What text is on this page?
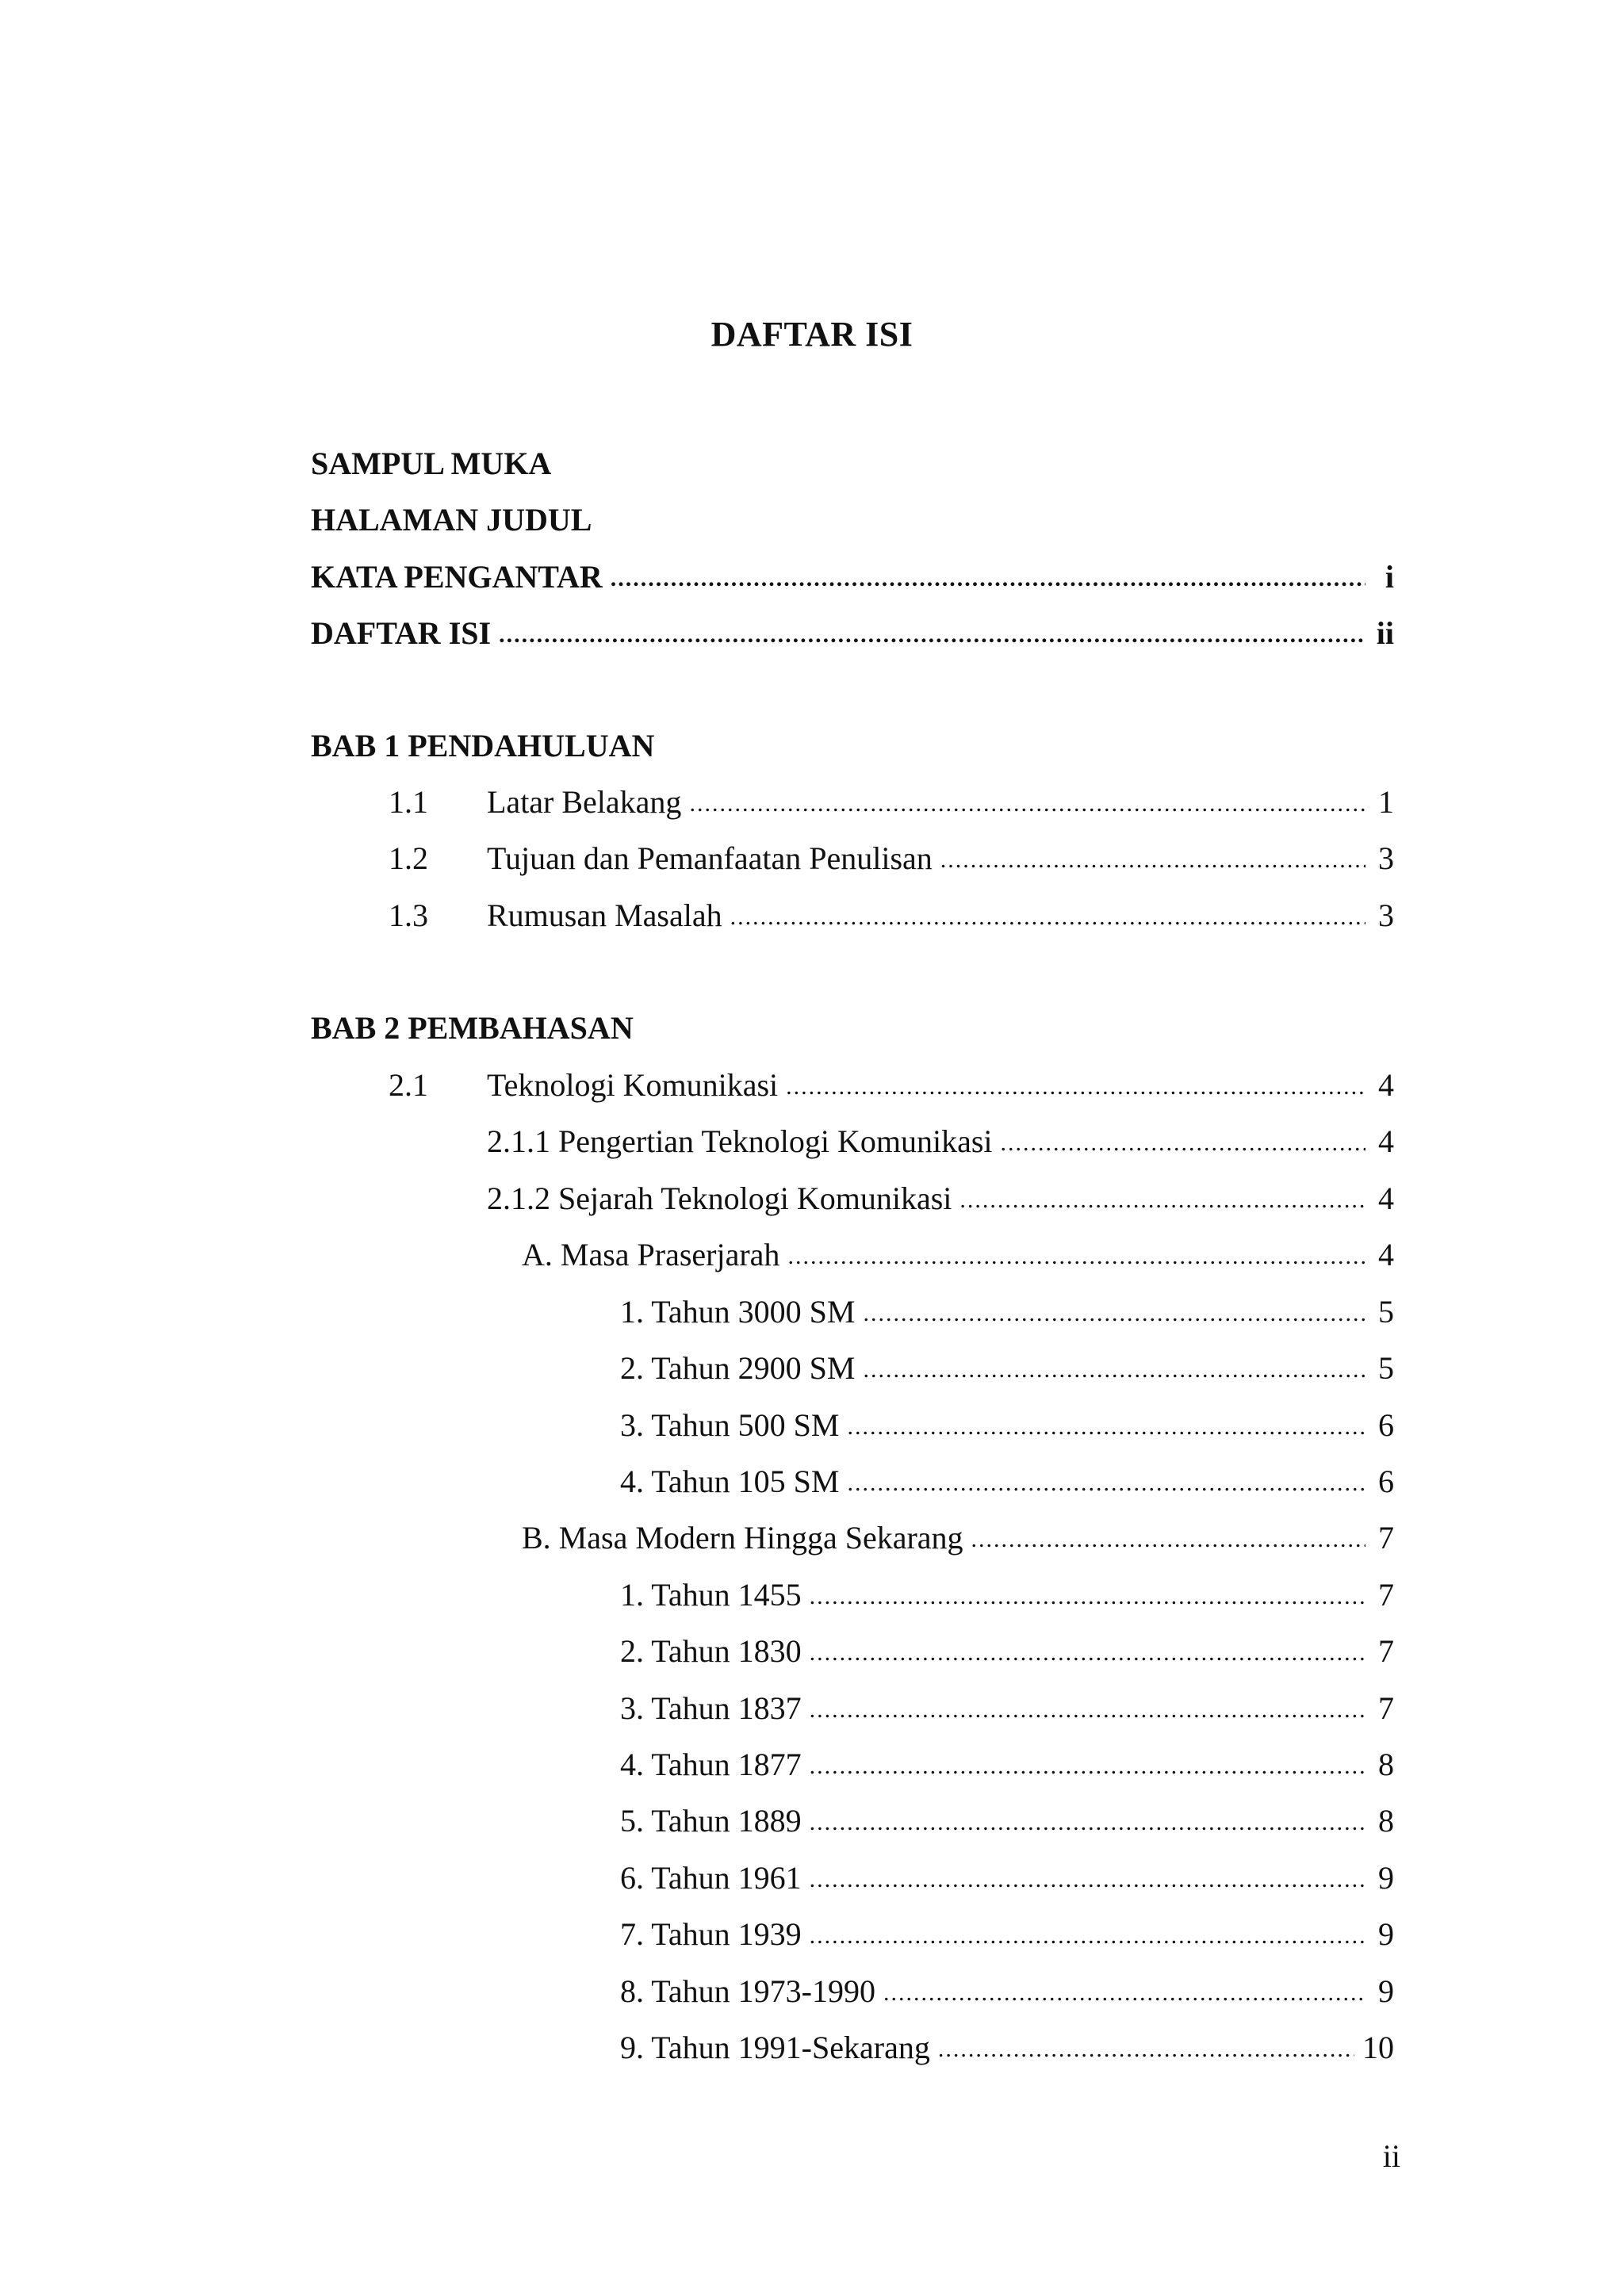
DAFTAR ISI
SAMPUL MUKA
HALAMAN JUDUL
KATA PENGANTAR .....	i
DAFTAR ISI .....	ii
BAB 1 PENDAHULUAN
1.1	Latar Belakang .....	1
1.2	Tujuan dan Pemanfaatan Penulisan .....	3
1.3	Rumusan Masalah .....	3
BAB 2 PEMBAHASAN
2.1	Teknologi Komunikasi .....	4
2.1.1 Pengertian Teknologi Komunikasi .....	4
2.1.2 Sejarah Teknologi Komunikasi .....	4
A. Masa Praserjarah .....	4
1. Tahun 3000 SM .....	5
2. Tahun 2900 SM .....	5
3. Tahun 500 SM .....	6
4. Tahun 105 SM .....	6
B. Masa Modern Hingga Sekarang .....	7
1. Tahun 1455 .....	7
2. Tahun 1830 .....	7
3. Tahun 1837 .....	7
4. Tahun 1877 .....	8
5. Tahun 1889 .....	8
6. Tahun 1961 .....	9
7. Tahun 1939 .....	9
8. Tahun 1973-1990 .....	9
9. Tahun 1991-Sekarang .....	10
ii
